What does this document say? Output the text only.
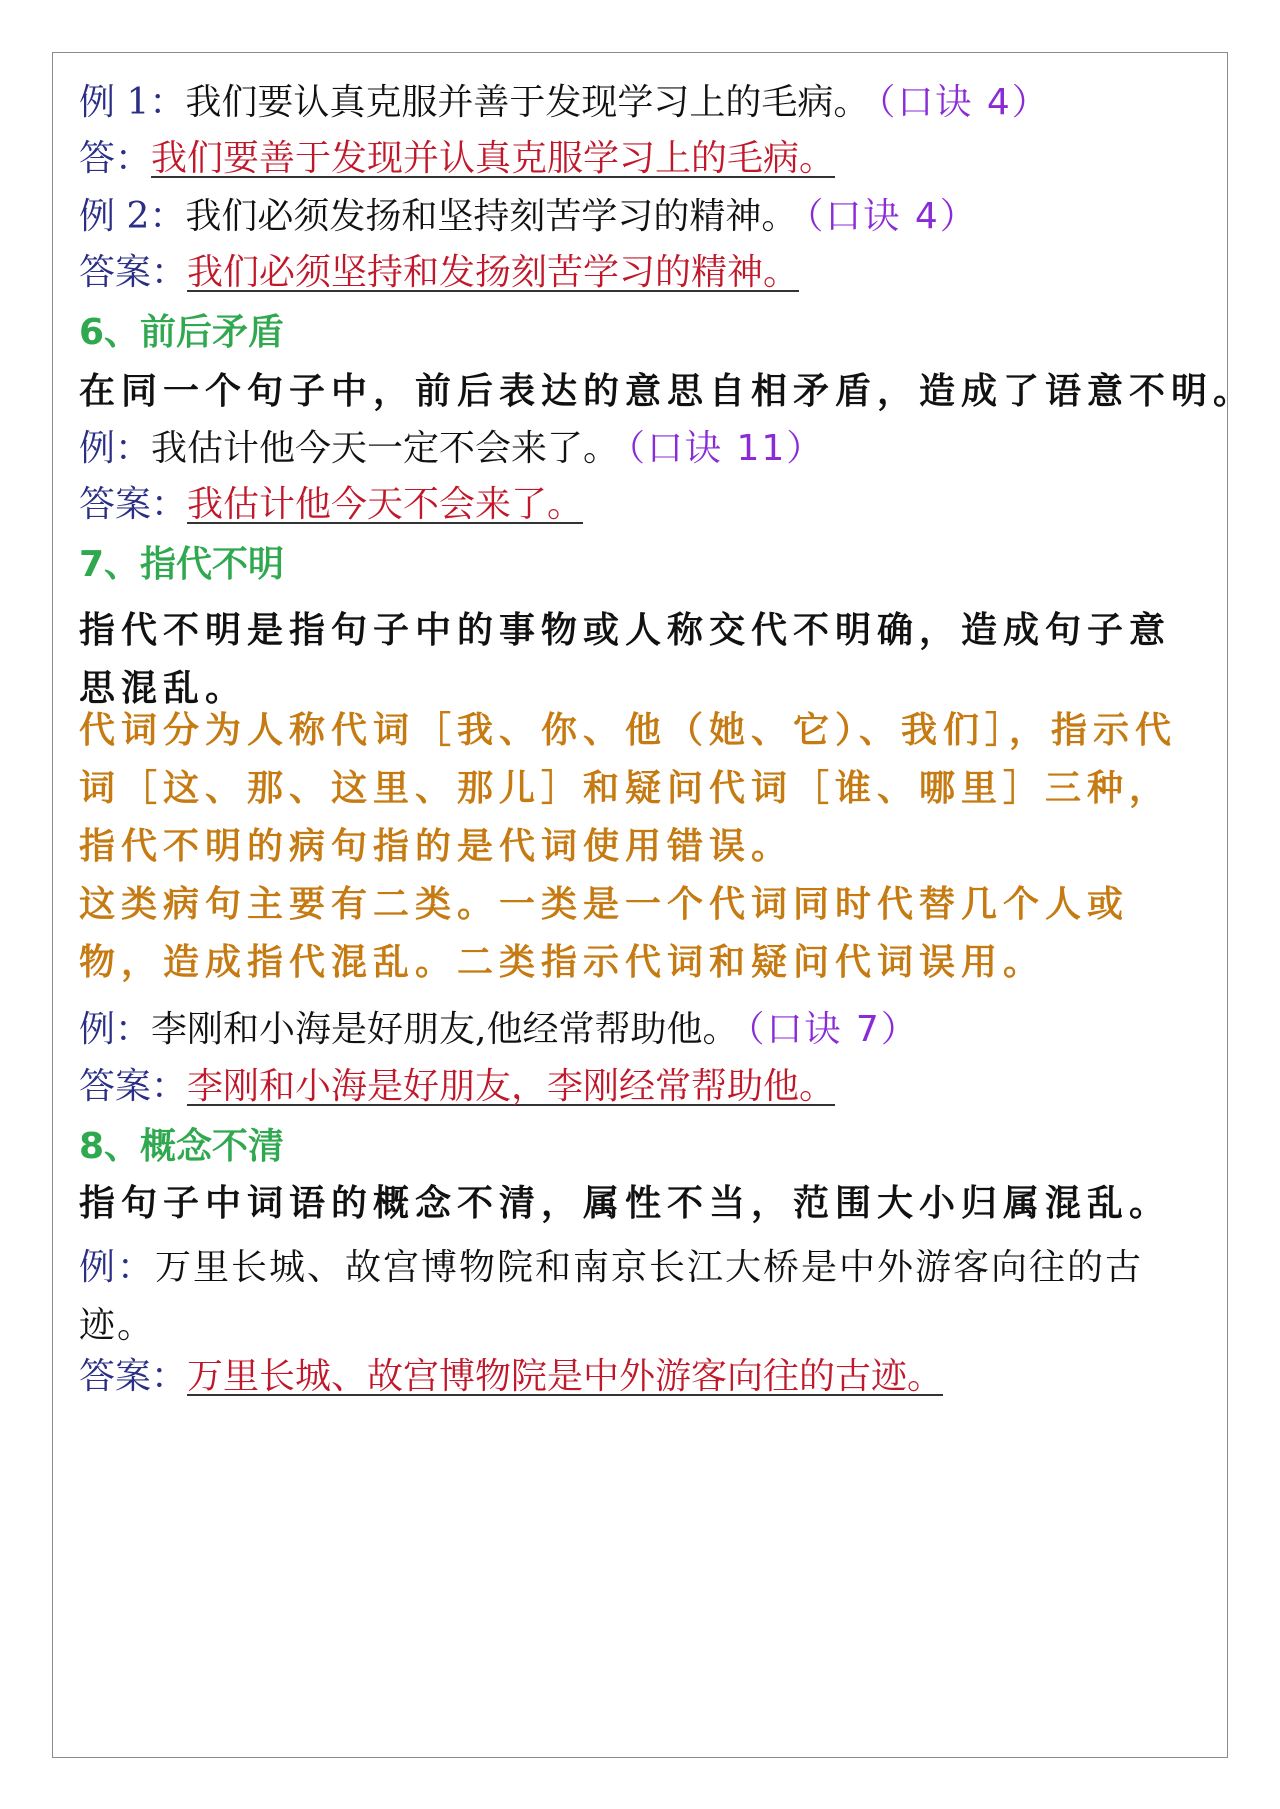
例 1：我们要认真克服并善于发现学习上的毛病。 （口诀 4）
答：我们要善于发现并认真克服学习上的毛病。
例 2：我们必须发扬和坚持刻苦学习的精神。 （口诀 4）
答案：我们必须坚持和发扬刻苦学习的精神。
6、前后矛盾
在同一个句子中，前后表达的意思自相矛盾，造成了语意不明。
例：我估计他今天一定不会来了。 （口诀 11）
答案：我估计他今天不会来了。
7、指代不明
指代不明是指句子中的事物或人称交代不明确，造成句子意思混乱。
代词分为人称代词［我、你、他（她、它）、我们］，指示代词［这、那、这里、那儿］和疑问代词［谁、哪里］三种，指代不明的病句指的是代词使用错误。
这类病句主要有二类。一类是一个代词同时代替几个人或物，造成指代混乱。二类指示代词和疑问代词误用。
例：李刚和小海是好朋友,他经常帮助他。 （口诀 7）
答案：李刚和小海是好朋友，李刚经常帮助他。
8、概念不清
指句子中词语的概念不清，属性不当，范围大小归属混乱。
例：万里长城、故宫博物院和南京长江大桥是中外游客向往的古迹。
答案：万里长城、故宫博物院是中外游客向往的古迹。
